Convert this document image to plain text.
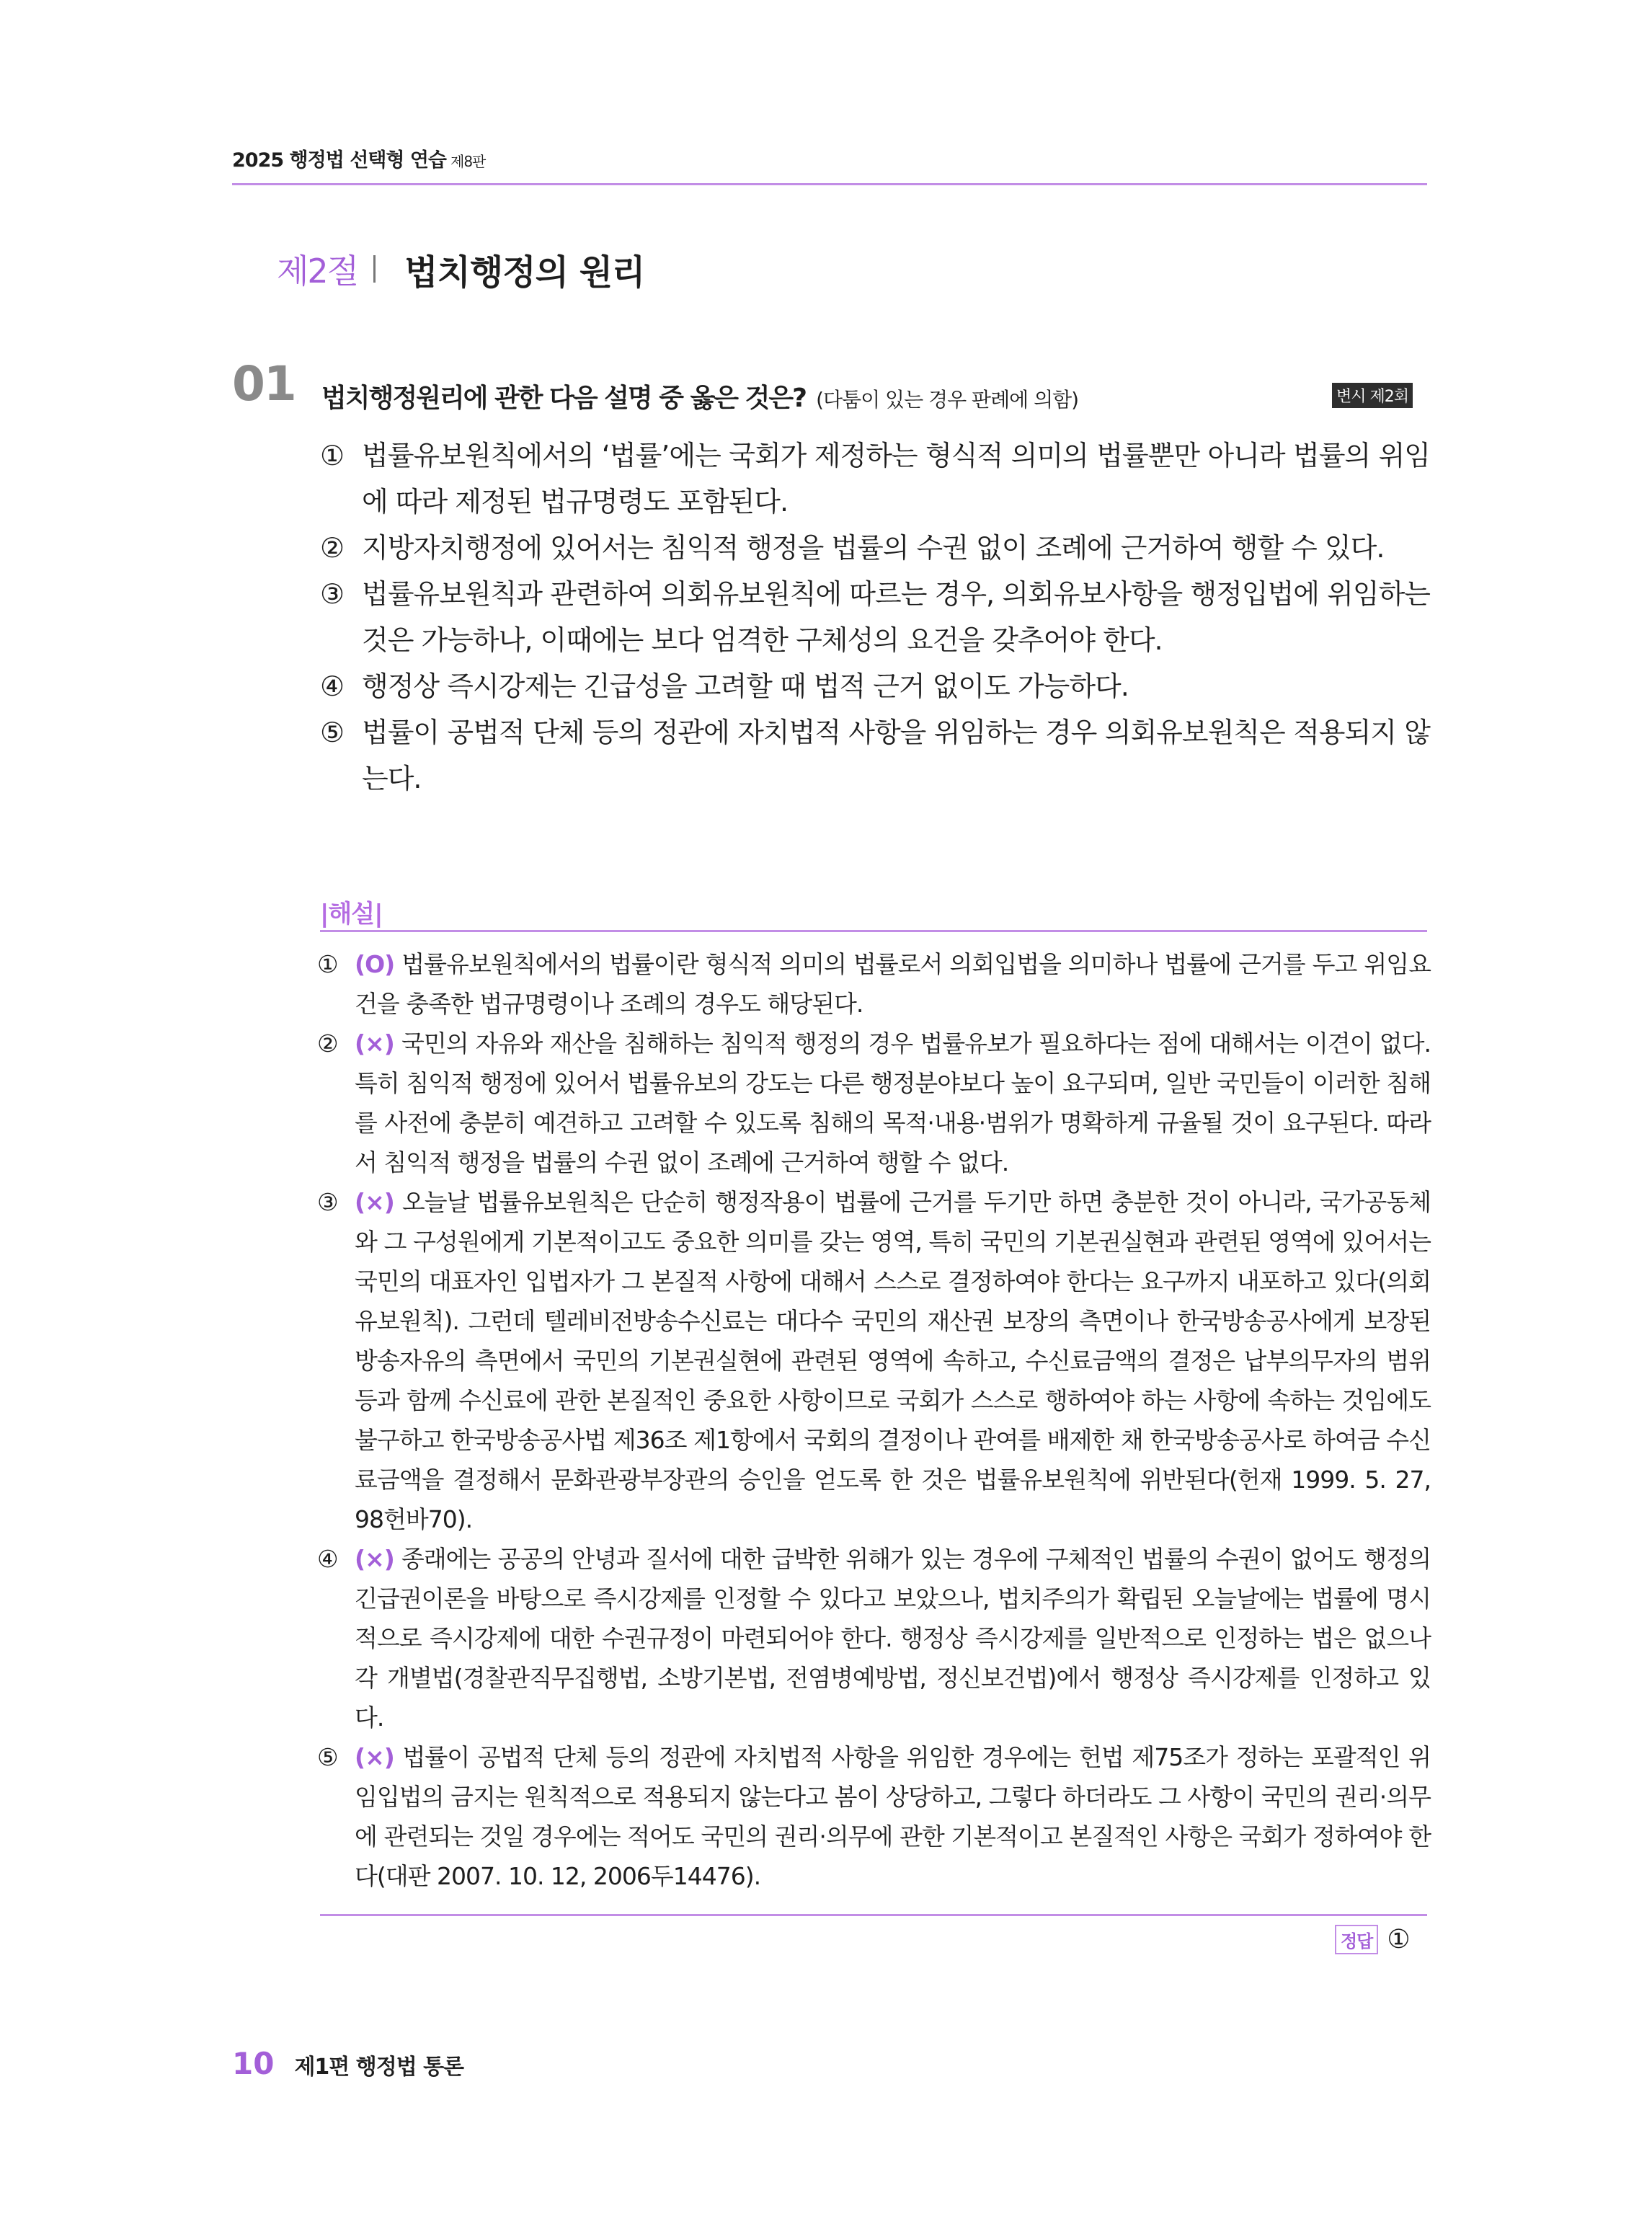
2025 행정법 선택형 연습 제8판
제2절 법치행정의 원리
01 법치행정원리에 관한 다음 설명 중 옳은 것은? (다툼이 있는 경우 판례에 의함)	변시 제2회
① 법률유보원칙에서의 ‘법률’에는 국회가 제정하는 형식적 의미의 법률뿐만 아니라 법률의 위임에 따라 제정된 법규명령도 포함된다.
② 지방자치행정에 있어서는 침익적 행정을 법률의 수권 없이 조례에 근거하여 행할 수 있다.
③ 법률유보원칙과 관련하여 의회유보원칙에 따르는 경우, 의회유보사항을 행정입법에 위임하는 것은 가능하나, 이때에는 보다 엄격한 구체성의 요건을 갖추어야 한다.
④ 행정상 즉시강제는 긴급성을 고려할 때 법적 근거 없이도 가능하다.
⑤ 법률이 공법적 단체 등의 정관에 자치법적 사항을 위임하는 경우 의회유보원칙은 적용되지 않는다.
|해설|
① (O) 법률유보원칙에서의 법률이란 형식적 의미의 법률로서 의회입법을 의미하나 법률에 근거를 두고 위임요건을 충족한 법규명령이나 조례의 경우도 해당된다.
② (×) 국민의 자유와 재산을 침해하는 침익적 행정의 경우 법률유보가 필요하다는 점에 대해서는 이견이 없다. 특히 침익적 행정에 있어서 법률유보의 강도는 다른 행정분야보다 높이 요구되며, 일반 국민들이 이러한 침해를 사전에 충분히 예견하고 고려할 수 있도록 침해의 목적·내용·범위가 명확하게 규율될 것이 요구된다. 따라서 침익적 행정을 법률의 수권 없이 조례에 근거하여 행할 수 없다.
③ (×) 오늘날 법률유보원칙은 단순히 행정작용이 법률에 근거를 두기만 하면 충분한 것이 아니라, 국가공동체와 그 구성원에게 기본적이고도 중요한 의미를 갖는 영역, 특히 국민의 기본권실현과 관련된 영역에 있어서는 국민의 대표자인 입법자가 그 본질적 사항에 대해서 스스로 결정하여야 한다는 요구까지 내포하고 있다(의회유보원칙). 그런데 텔레비전방송수신료는 대다수 국민의 재산권 보장의 측면이나 한국방송공사에게 보장된 방송자유의 측면에서 국민의 기본권실현에 관련된 영역에 속하고, 수신료금액의 결정은 납부의무자의 범위 등과 함께 수신료에 관한 본질적인 중요한 사항이므로 국회가 스스로 행하여야 하는 사항에 속하는 것임에도 불구하고 한국방송공사법 제36조 제1항에서 국회의 결정이나 관여를 배제한 채 한국방송공사로 하여금 수신료금액을 결정해서 문화관광부장관의 승인을 얻도록 한 것은 법률유보원칙에 위반된다(헌재 1999. 5. 27, 98헌바70).
④ (×) 종래에는 공공의 안녕과 질서에 대한 급박한 위해가 있는 경우에 구체적인 법률의 수권이 없어도 행정의 긴급권이론을 바탕으로 즉시강제를 인정할 수 있다고 보았으나, 법치주의가 확립된 오늘날에는 법률에 명시적으로 즉시강제에 대한 수권규정이 마련되어야 한다. 행정상 즉시강제를 일반적으로 인정하는 법은 없으나 각 개별법(경찰관직무집행법, 소방기본법, 전염병예방법, 정신보건법)에서 행정상 즉시강제를 인정하고 있다.
⑤ (×) 법률이 공법적 단체 등의 정관에 자치법적 사항을 위임한 경우에는 헌법 제75조가 정하는 포괄적인 위임입법의 금지는 원칙적으로 적용되지 않는다고 봄이 상당하고, 그렇다 하더라도 그 사항이 국민의 권리·의무에 관련되는 것일 경우에는 적어도 국민의 권리·의무에 관한 기본적이고 본질적인 사항은 국회가 정하여야 한다(대판 2007. 10. 12, 2006두14476).
정답 ①
10 제1편 행정법 통론
